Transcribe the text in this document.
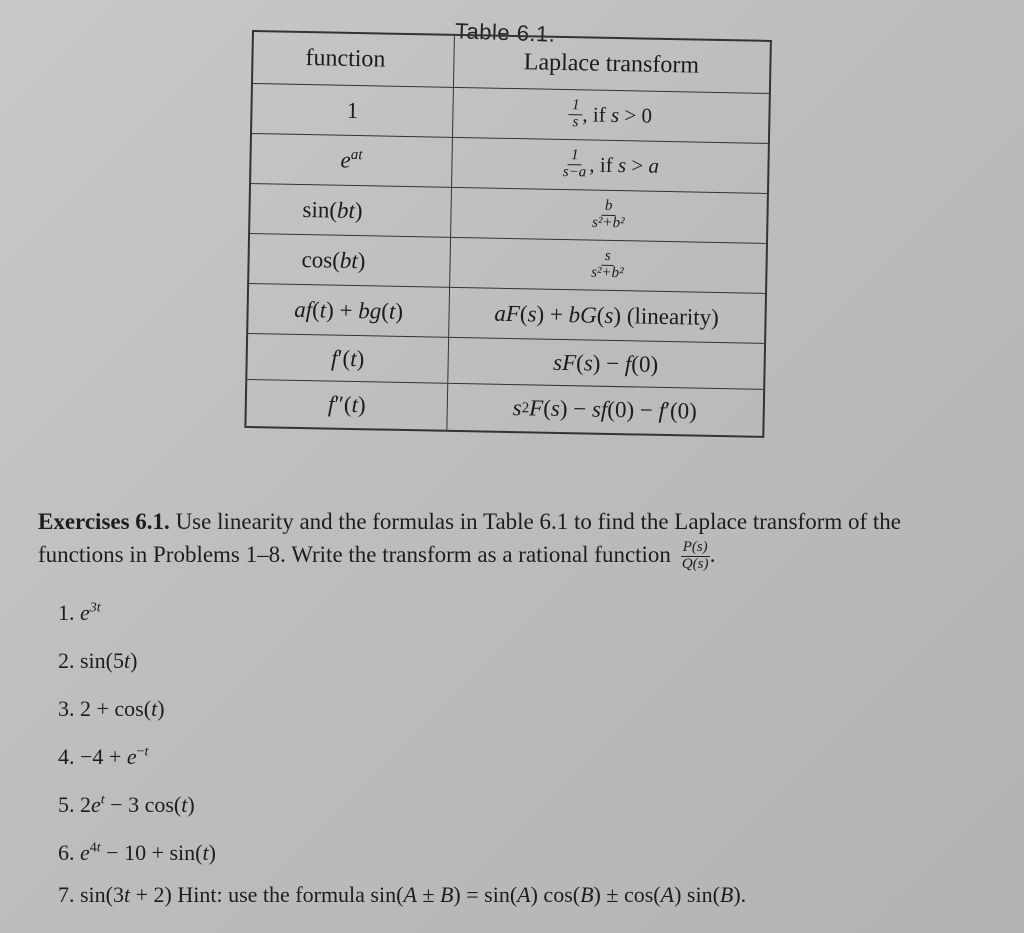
Table 6.1.
function	Laplace transform
1	$\frac{1}{s}$ , if s > 0
$e^{at}$	$\frac{1}{s-a}$ , if s > a
sin( bt )	$\frac{b}{\text{s²+b²}}$
cos( bt )	$\frac{s}{\text{s²+b²}}$
af ( t ) + bg ( t )	aF ( s ) + bG ( s ) (linearity)
f ′( t )	sF ( s ) − f (0)
f ″( t )	s 2 F ( s ) − sf (0) − f ′(0)
Exercises 6.1. Use linearity and the formulas in Table 6.1 to find the Laplace transform of the functions in Problems 1–8. Write the transform as a rational function $\frac{P(s)}{Q(s)}$ .
1. $e^{3t}$
2. sin(5t)
3. 2 + cos(t)
4. $-4 + e^{-t}$
5. $2e^t - 3$ cos(t)
6. $e^{4t} - 10 + \sin(t)$
7. sin(3t + 2) Hint: use the formula sin(A ± B) = sin(A) cos(B) ± cos(A) sin(B).
